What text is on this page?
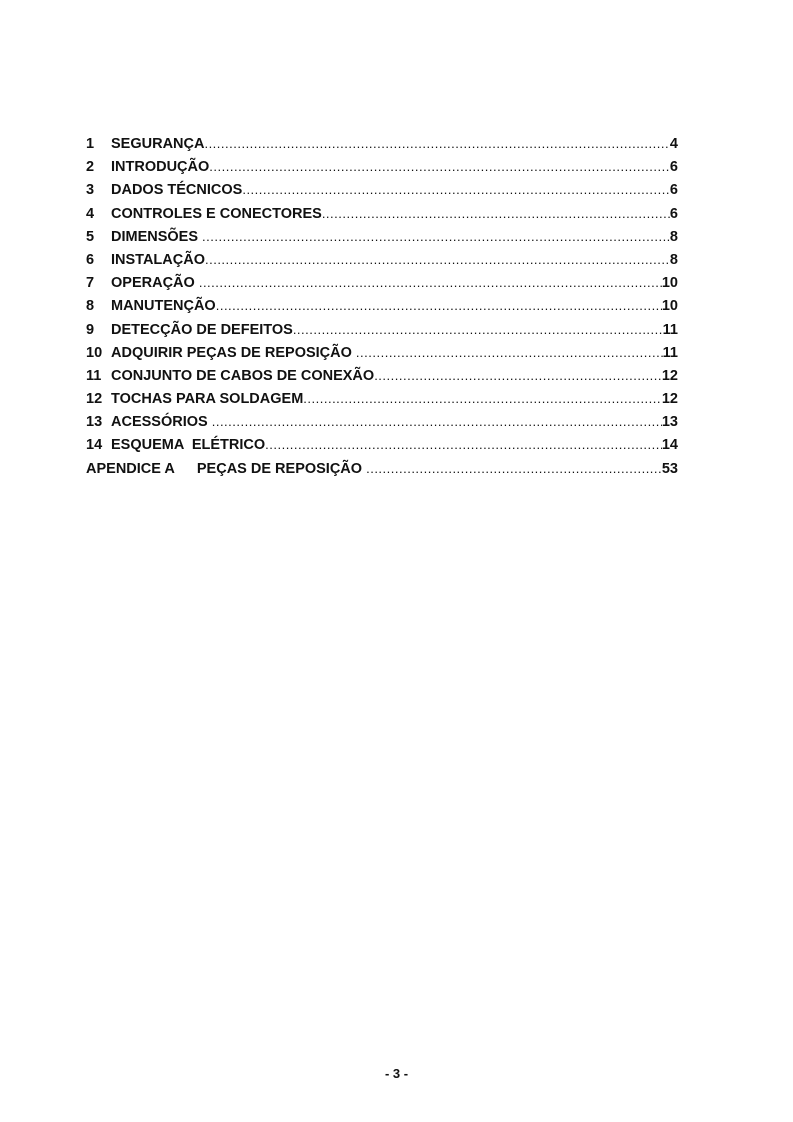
1	SEGURANÇA .....	4
2	INTRODUÇÃO .....	6
3	DADOS TÉCNICOS .....	6
4	CONTROLES E CONECTORES .....	6
5	DIMENSÕES .....	8
6	INSTALAÇÃO .....	8
7	OPERAÇÃO .....	10
8	MANUTENÇÃO .....	10
9	DETECÇÃO DE DEFEITOS .....	11
10 ADQUIRIR PEÇAS DE REPOSIÇÃO .....	11
11 CONJUNTO DE CABOS DE CONEXÃO .....	12
12 TOCHAS PARA SOLDAGEM .....	12
13 ACESSÓRIOS .....	13
14 ESQUEMA  ELÉTRICO .....	14
APENDICE A PEÇAS DE REPOSIÇÃO .....	53
- 3 -
